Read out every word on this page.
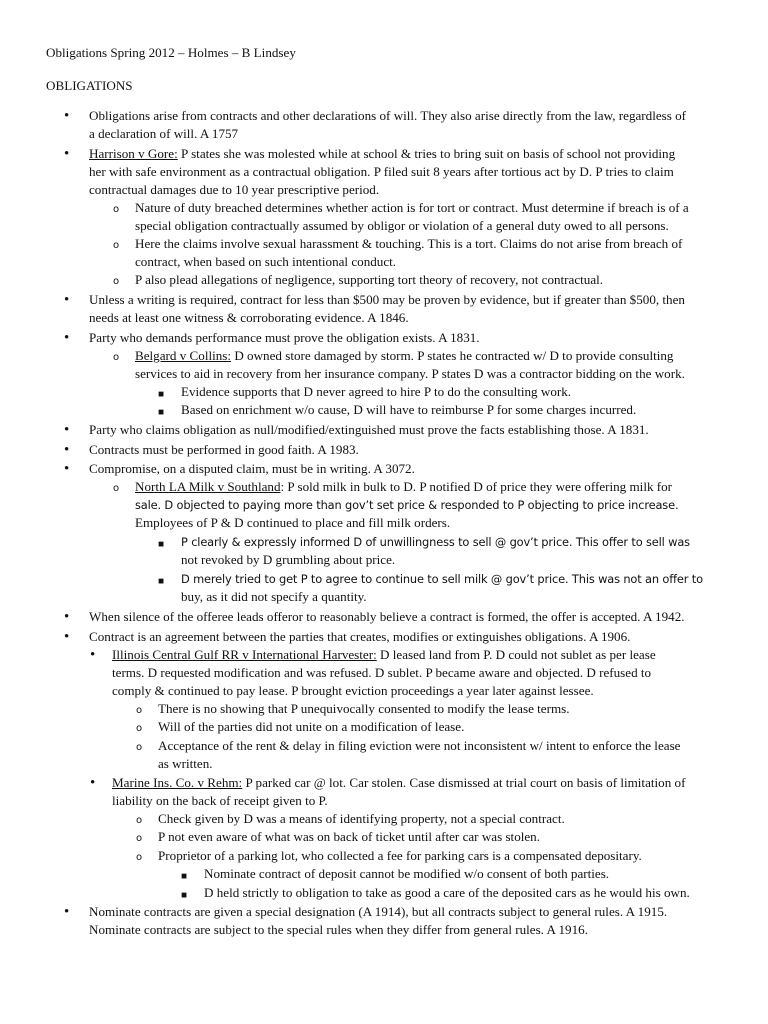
Obligations Spring 2012 – Holmes – B Lindsey
OBLIGATIONS
• Obligations arise from contracts and other declarations of will. They also arise directly from the law, regardless of
a declaration of will. A 1757
• Harrison v Gore: P states she was molested while at school & tries to bring suit on basis of school not providing
her with safe environment as a contractual obligation. P filed suit 8 years after tortious act by D. P tries to claim
contractual damages due to 10 year prescriptive period.
o Nature of duty breached determines whether action is for tort or contract. Must determine if breach is of a
special obligation contractually assumed by obligor or violation of a general duty owed to all persons.
o Here the claims involve sexual harassment & touching. This is a tort. Claims do not arise from breach of
contract, when based on such intentional conduct.
o P also plead allegations of negligence, supporting tort theory of recovery, not contractual.
• Unless a writing is required, contract for less than $500 may be proven by evidence, but if greater than $500, then
needs at least one witness & corroborating evidence. A 1846.
• Party who demands performance must prove the obligation exists. A 1831.
o Belgard v Collins: D owned store damaged by storm. P states he contracted w/ D to provide consulting
services to aid in recovery from her insurance company. P states D was a contractor bidding on the work.
■ Evidence supports that D never agreed to hire P to do the consulting work.
■ Based on enrichment w/o cause, D will have to reimburse P for some charges incurred.
• Party who claims obligation as null/modified/extinguished must prove the facts establishing those. A 1831.
• Contracts must be performed in good faith. A 1983.
• Compromise, on a disputed claim, must be in writing. A 3072.
o North LA Milk v Southland: P sold milk in bulk to D. P notified D of price they were offering milk for
sale. D objected to paying more than gov’t set price & responded to P objecting to price increase.
Employees of P & D continued to place and fill milk orders.
■ P clearly & expressly informed D of unwillingness to sell @ gov’t price. This offer to sell was
not revoked by D grumbling about price.
■ D merely tried to get P to agree to continue to sell milk @ gov’t price. This was not an offer to
buy, as it did not specify a quantity.
• When silence of the offeree leads offeror to reasonably believe a contract is formed, the offer is accepted. A 1942.
• Contract is an agreement between the parties that creates, modifies or extinguishes obligations. A 1906.
• Illinois Central Gulf RR v International Harvester: D leased land from P. D could not sublet as per lease
terms. D requested modification and was refused. D sublet. P became aware and objected. D refused to
comply & continued to pay lease. P brought eviction proceedings a year later against lessee.
o There is no showing that P unequivocally consented to modify the lease terms.
o Will of the parties did not unite on a modification of lease.
o Acceptance of the rent & delay in filing eviction were not inconsistent w/ intent to enforce the lease
as written.
• Marine Ins. Co. v Rehm: P parked car @ lot. Car stolen. Case dismissed at trial court on basis of limitation of
liability on the back of receipt given to P.
o Check given by D was a means of identifying property, not a special contract.
o P not even aware of what was on back of ticket until after car was stolen.
o Proprietor of a parking lot, who collected a fee for parking cars is a compensated depositary.
■ Nominate contract of deposit cannot be modified w/o consent of both parties.
■ D held strictly to obligation to take as good a care of the deposited cars as he would his own.
• Nominate contracts are given a special designation (A 1914), but all contracts subject to general rules. A 1915.
Nominate contracts are subject to the special rules when they differ from general rules. A 1916.
